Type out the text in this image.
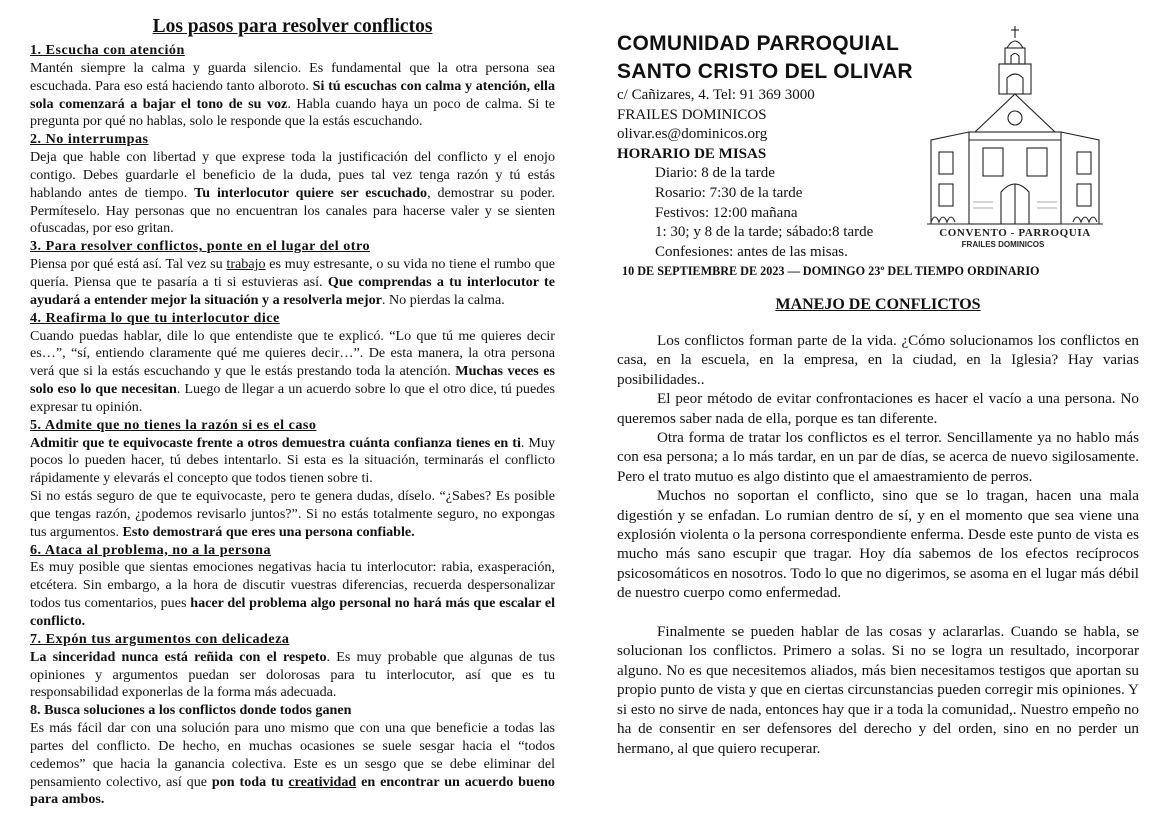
Los pasos para resolver conflictos
1. Escucha con atención

Mantén siempre la calma y guarda silencio. Es fundamental que la otra persona sea escuchada. Para eso está haciendo tanto alboroto. Si tú escuchas con calma y atención, ella sola comenzará a bajar el tono de su voz. Habla cuando haya un poco de calma. Si te pregunta por qué no hablas, solo le responde que la estás escuchando.

2. No interrumpas

Deja que hable con libertad y que exprese toda la justificación del conflicto y el enojo contigo. Debes guardarle el beneficio de la duda, pues tal vez tenga razón y tú estás hablando antes de tiempo. Tu interlocutor quiere ser escuchado, demostrar su poder. Permíteselo. Hay personas que no encuentran los canales para hacerse valer y se sienten ofuscadas, por eso gritan.

3. Para resolver conflictos, ponte en el lugar del otro

Piensa por qué está así. Tal vez su trabajo es muy estresante, o su vida no tiene el rumbo que quería. Piensa que te pasaría a ti si estuvieras así. Que comprendas a tu interlocutor te ayudará a entender mejor la situación y a resolverla mejor. No pierdas la calma.

4. Reafirma lo que tu interlocutor dice

Cuando puedas hablar, dile lo que entendiste que te explicó. “Lo que tú me quieres decir es…”, “sí, entiendo claramente qué me quieres decir…”. De esta manera, la otra persona verá que si la estás escuchando y que le estás prestando toda la atención. Muchas veces es solo eso lo que necesitan. Luego de llegar a un acuerdo sobre lo que el otro dice, tú puedes expresar tu opinión.

5. Admite que no tienes la razón si es el caso

Admitir que te equivocaste frente a otros demuestra cuánta confianza tienes en ti. Muy pocos lo pueden hacer, tú debes intentarlo. Si esta es la situación, terminarás el conflicto rápidamente y elevarás el concepto que todos tienen sobre ti.

Si no estás seguro de que te equivocaste, pero te genera dudas, díselo. “¿Sabes? Es posible que tengas razón, ¿podemos revisarlo juntos?”. Si no estás totalmente seguro, no expongas tus argumentos. Esto demostrará que eres una persona confiable.

6. Ataca al problema, no a la persona

Es muy posible que sientas emociones negativas hacia tu interlocutor: rabia, exasperación, etcétera. Sin embargo, a la hora de discutir vuestras diferencias, recuerda despersonalizar todos tus comentarios, pues hacer del problema algo personal no hará más que escalar el conflicto.

7. Expón tus argumentos con delicadeza

La sinceridad nunca está reñida con el respeto. Es muy probable que algunas de tus opiniones y argumentos puedan ser dolorosas para tu interlocutor, así que es tu responsabilidad exponerlas de la forma más adecuada.

8. Busca soluciones a los conflictos donde todos ganen

Es más fácil dar con una solución para uno mismo que con una que beneficie a todas las partes del conflicto. De hecho, en muchas ocasiones se suele sesgar hacia el “todos cedemos” que hacia la ganancia colectiva. Este es un sesgo que se debe eliminar del pensamiento colectivo, así que pon toda tu creatividad en encontrar un acuerdo bueno para ambos.

COMUNIDAD PARROQUIAL
SANTO CRISTO DEL OLIVAR
c/ Cañizares, 4. Tel: 91 369 3000
FRAILES DOMINICOS
olivar.es@dominicos.org
HORARIO DE MISAS
Diario: 8 de la tarde
Rosario: 7:30 de la tarde
Festivos: 12:00 mañana
1: 30; y 8 de la tarde; sábado:8 tarde
Confesiones: antes de las misas.
CONVENTO - PARROQUIA
FRAILES DOMINICOS
10 DE SEPTIEMBRE DE 2023 — DOMINGO 23º DEL TIEMPO ORDINARIO
MANEJO DE CONFLICTOS

Los conflictos forman parte de la vida. ¿Cómo solucionamos los conflictos en casa, en la escuela, en la empresa, en la ciudad, en la Iglesia? Hay varias posibilidades..

El peor método de evitar confrontaciones es hacer el vacío a una persona. No queremos saber nada de ella, porque es tan diferente.

Otra forma de tratar los conflictos es el terror. Sencillamente ya no hablo más con esa persona; a lo más tardar, en un par de días, se acerca de nuevo sigilosamente. Pero el trato mutuo es algo distinto que el amaestramiento de perros.

Muchos no soportan el conflicto, sino que se lo tragan, hacen una mala digestión y se enfadan. Lo rumian dentro de sí, y en el momento que sea viene una explosión violenta o la persona correspondiente enferma. Desde este punto de vista es mucho más sano escupir que tragar. Hoy día sabemos de los efectos recíprocos psicosomáticos en nosotros. Todo lo que no digerimos, se asoma en el lugar más débil de nuestro cuerpo como enfermedad.

Finalmente se pueden hablar de las cosas y aclararlas. Cuando se habla, se solucionan los conflictos. Primero a solas. Si no se logra un resultado, incorporar alguno. No es que necesitemos aliados, más bien necesitamos testigos que aportan su propio punto de vista y que en ciertas circunstancias pueden corregir mis opiniones. Y si esto no sirve de nada, entonces hay que ir a toda la comunidad,. Nuestro empeño no ha de consentir en ser defensores del derecho y del orden, sino en no perder un hermano, al que quiero recuperar.
